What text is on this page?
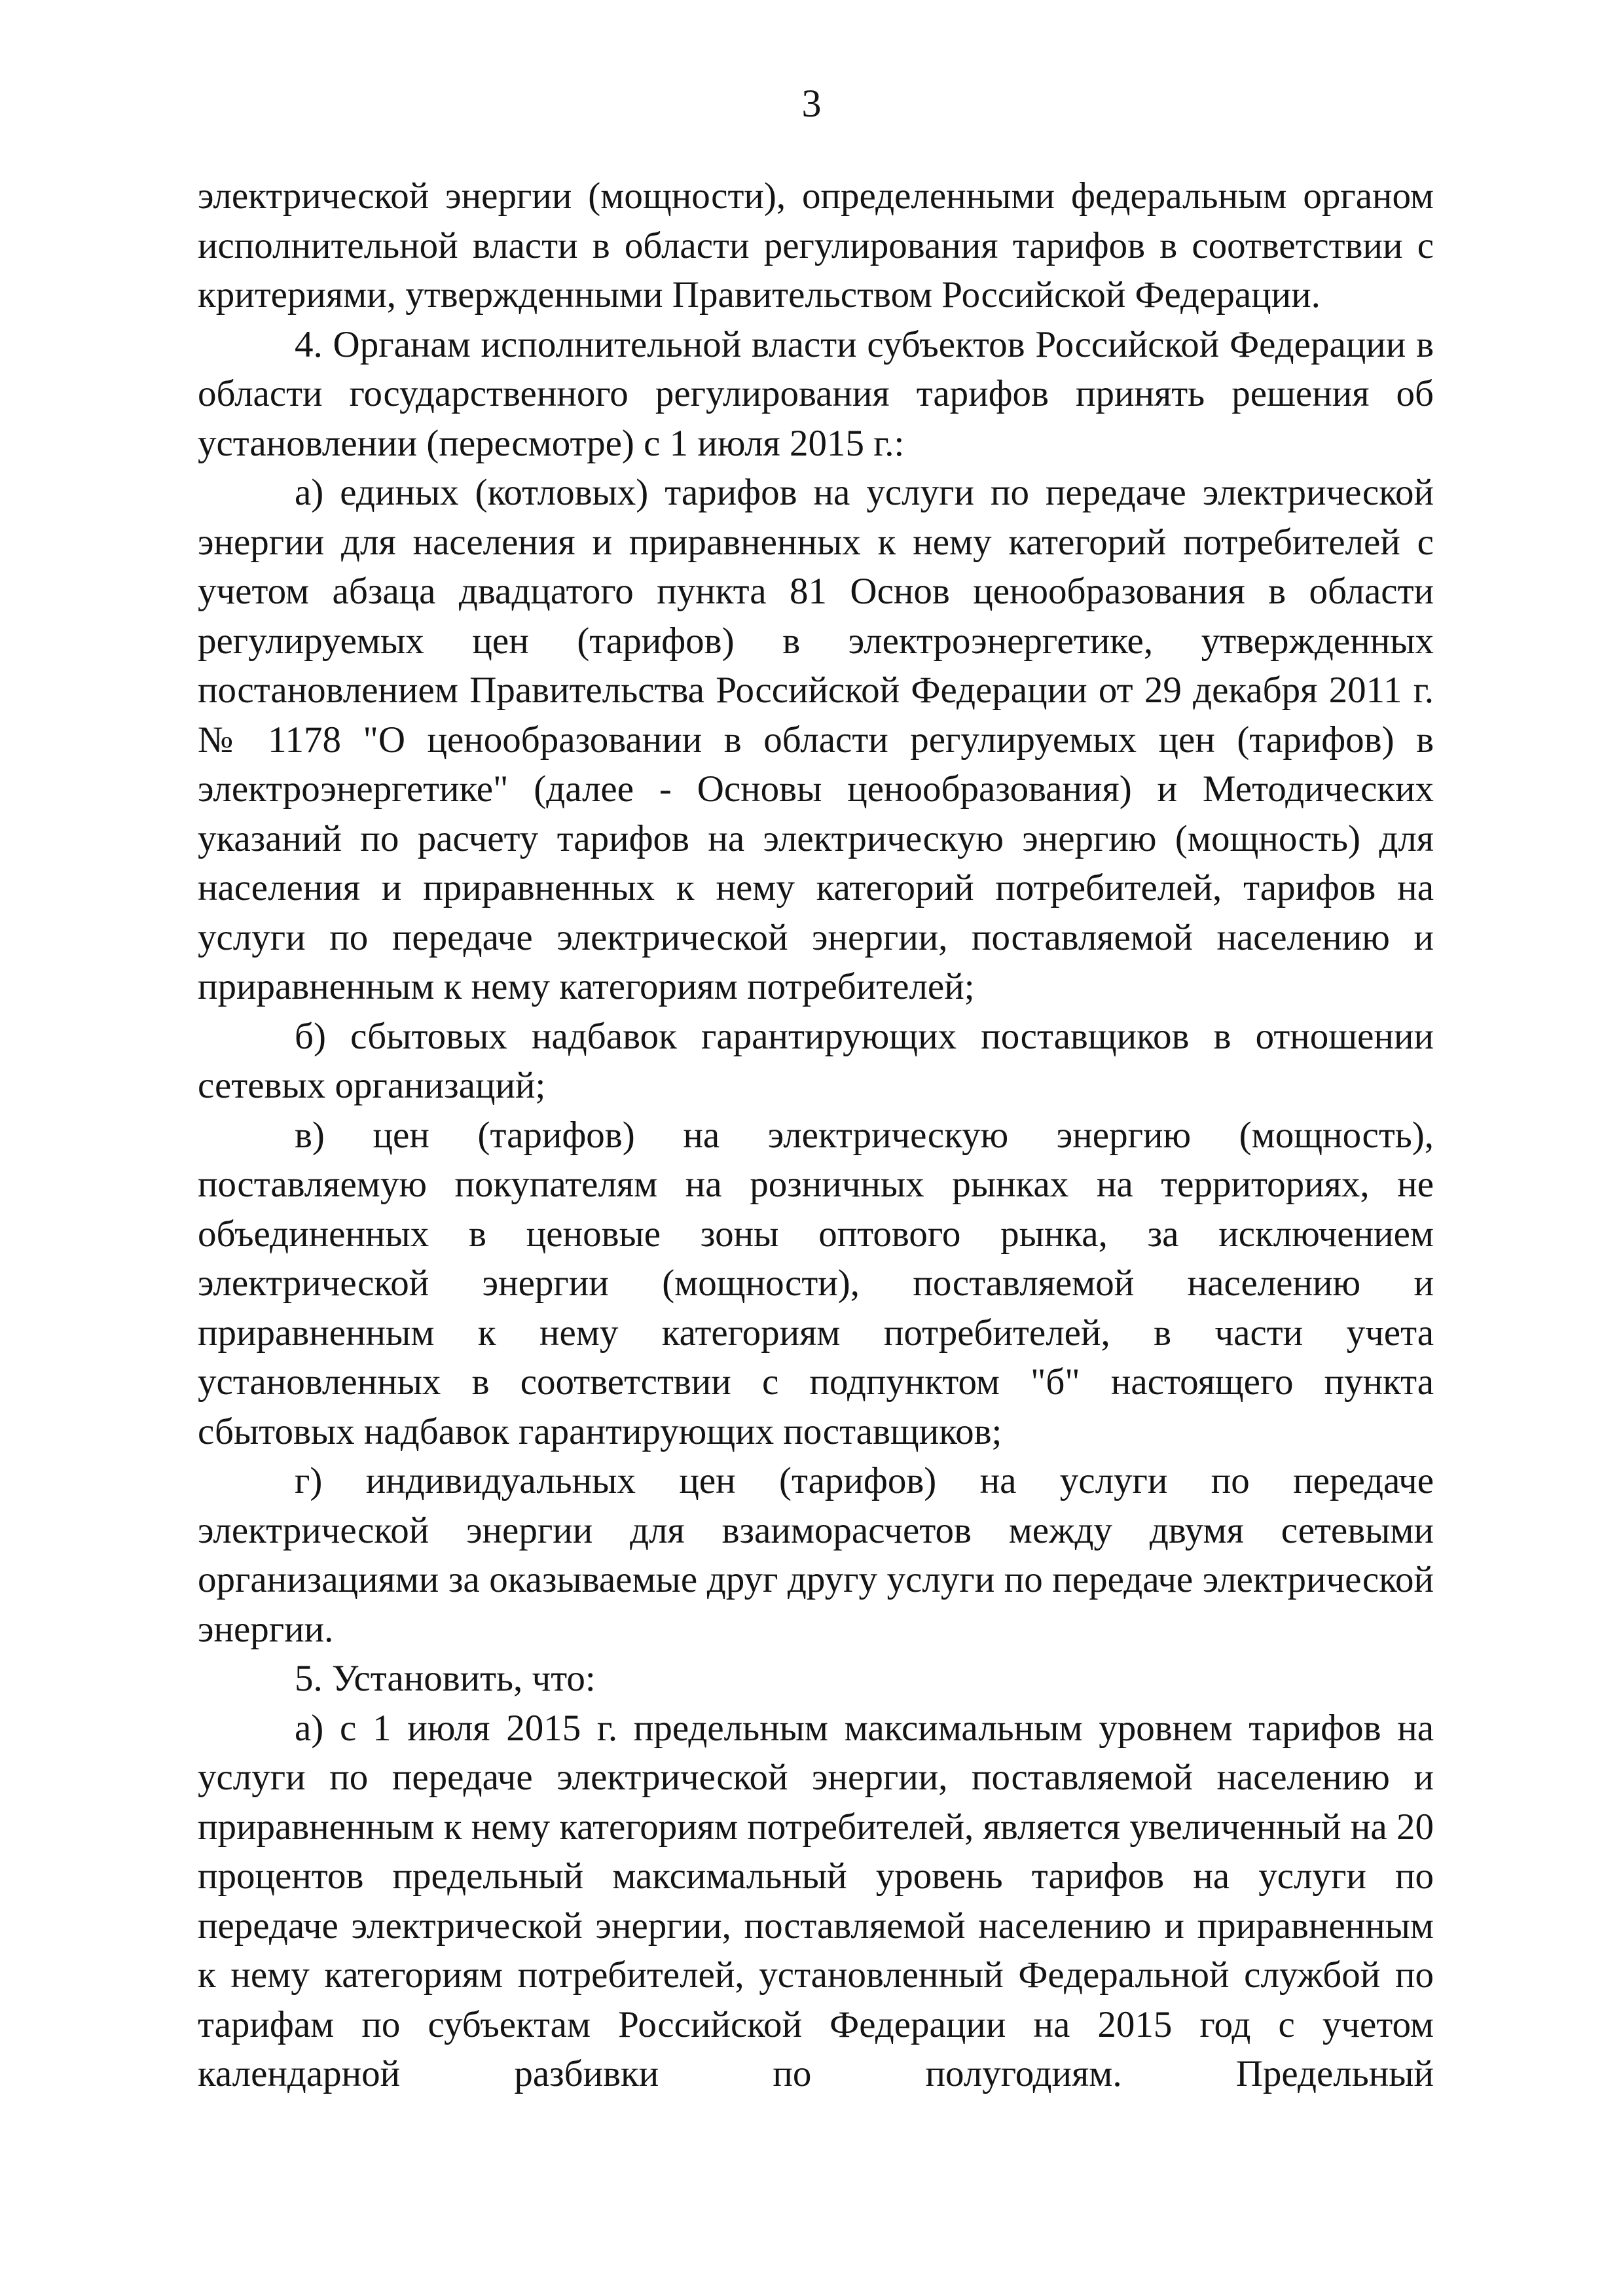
3

электрической энергии (мощности), определенными федеральным органом исполнительной власти в области регулирования тарифов в соответствии с критериями, утвержденными Правительством Российской Федерации.

4. Органам исполнительной власти субъектов Российской Федерации в области государственного регулирования тарифов принять решения об установлении (пересмотре) с 1 июля 2015 г.:

а) единых (котловых) тарифов на услуги по передаче электрической энергии для населения и приравненных к нему категорий потребителей с учетом абзаца двадцатого пункта 81 Основ ценообразования в области регулируемых цен (тарифов) в электроэнергетике, утвержденных постановлением Правительства Российской Федерации от 29 декабря 2011 г. № 1178 "О ценообразовании в области регулируемых цен (тарифов) в электроэнергетике" (далее - Основы ценообразования) и Методических указаний по расчету тарифов на электрическую энергию (мощность) для населения и приравненных к нему категорий потребителей, тарифов на услуги по передаче электрической энергии, поставляемой населению и приравненным к нему категориям потребителей;

б) сбытовых надбавок гарантирующих поставщиков в отношении сетевых организаций;

в) цен (тарифов) на электрическую энергию (мощность), поставляемую покупателям на розничных рынках на территориях, не объединенных в ценовые зоны оптового рынка, за исключением электрической энергии (мощности), поставляемой населению и приравненным к нему категориям потребителей, в части учета установленных в соответствии с подпунктом "б" настоящего пункта сбытовых надбавок гарантирующих поставщиков;

г) индивидуальных цен (тарифов) на услуги по передаче электрической энергии для взаиморасчетов между двумя сетевыми организациями за оказываемые друг другу услуги по передаче электрической энергии.

5. Установить, что:

а) с 1 июля 2015 г. предельным максимальным уровнем тарифов на услуги по передаче электрической энергии, поставляемой населению и приравненным к нему категориям потребителей, является увеличенный на 20 процентов предельный максимальный уровень тарифов на услуги по передаче электрической энергии, поставляемой населению и приравненным к нему категориям потребителей, установленный Федеральной службой по тарифам по субъектам Российской Федерации на 2015 год с учетом календарной разбивки по полугодиям. Предельный
